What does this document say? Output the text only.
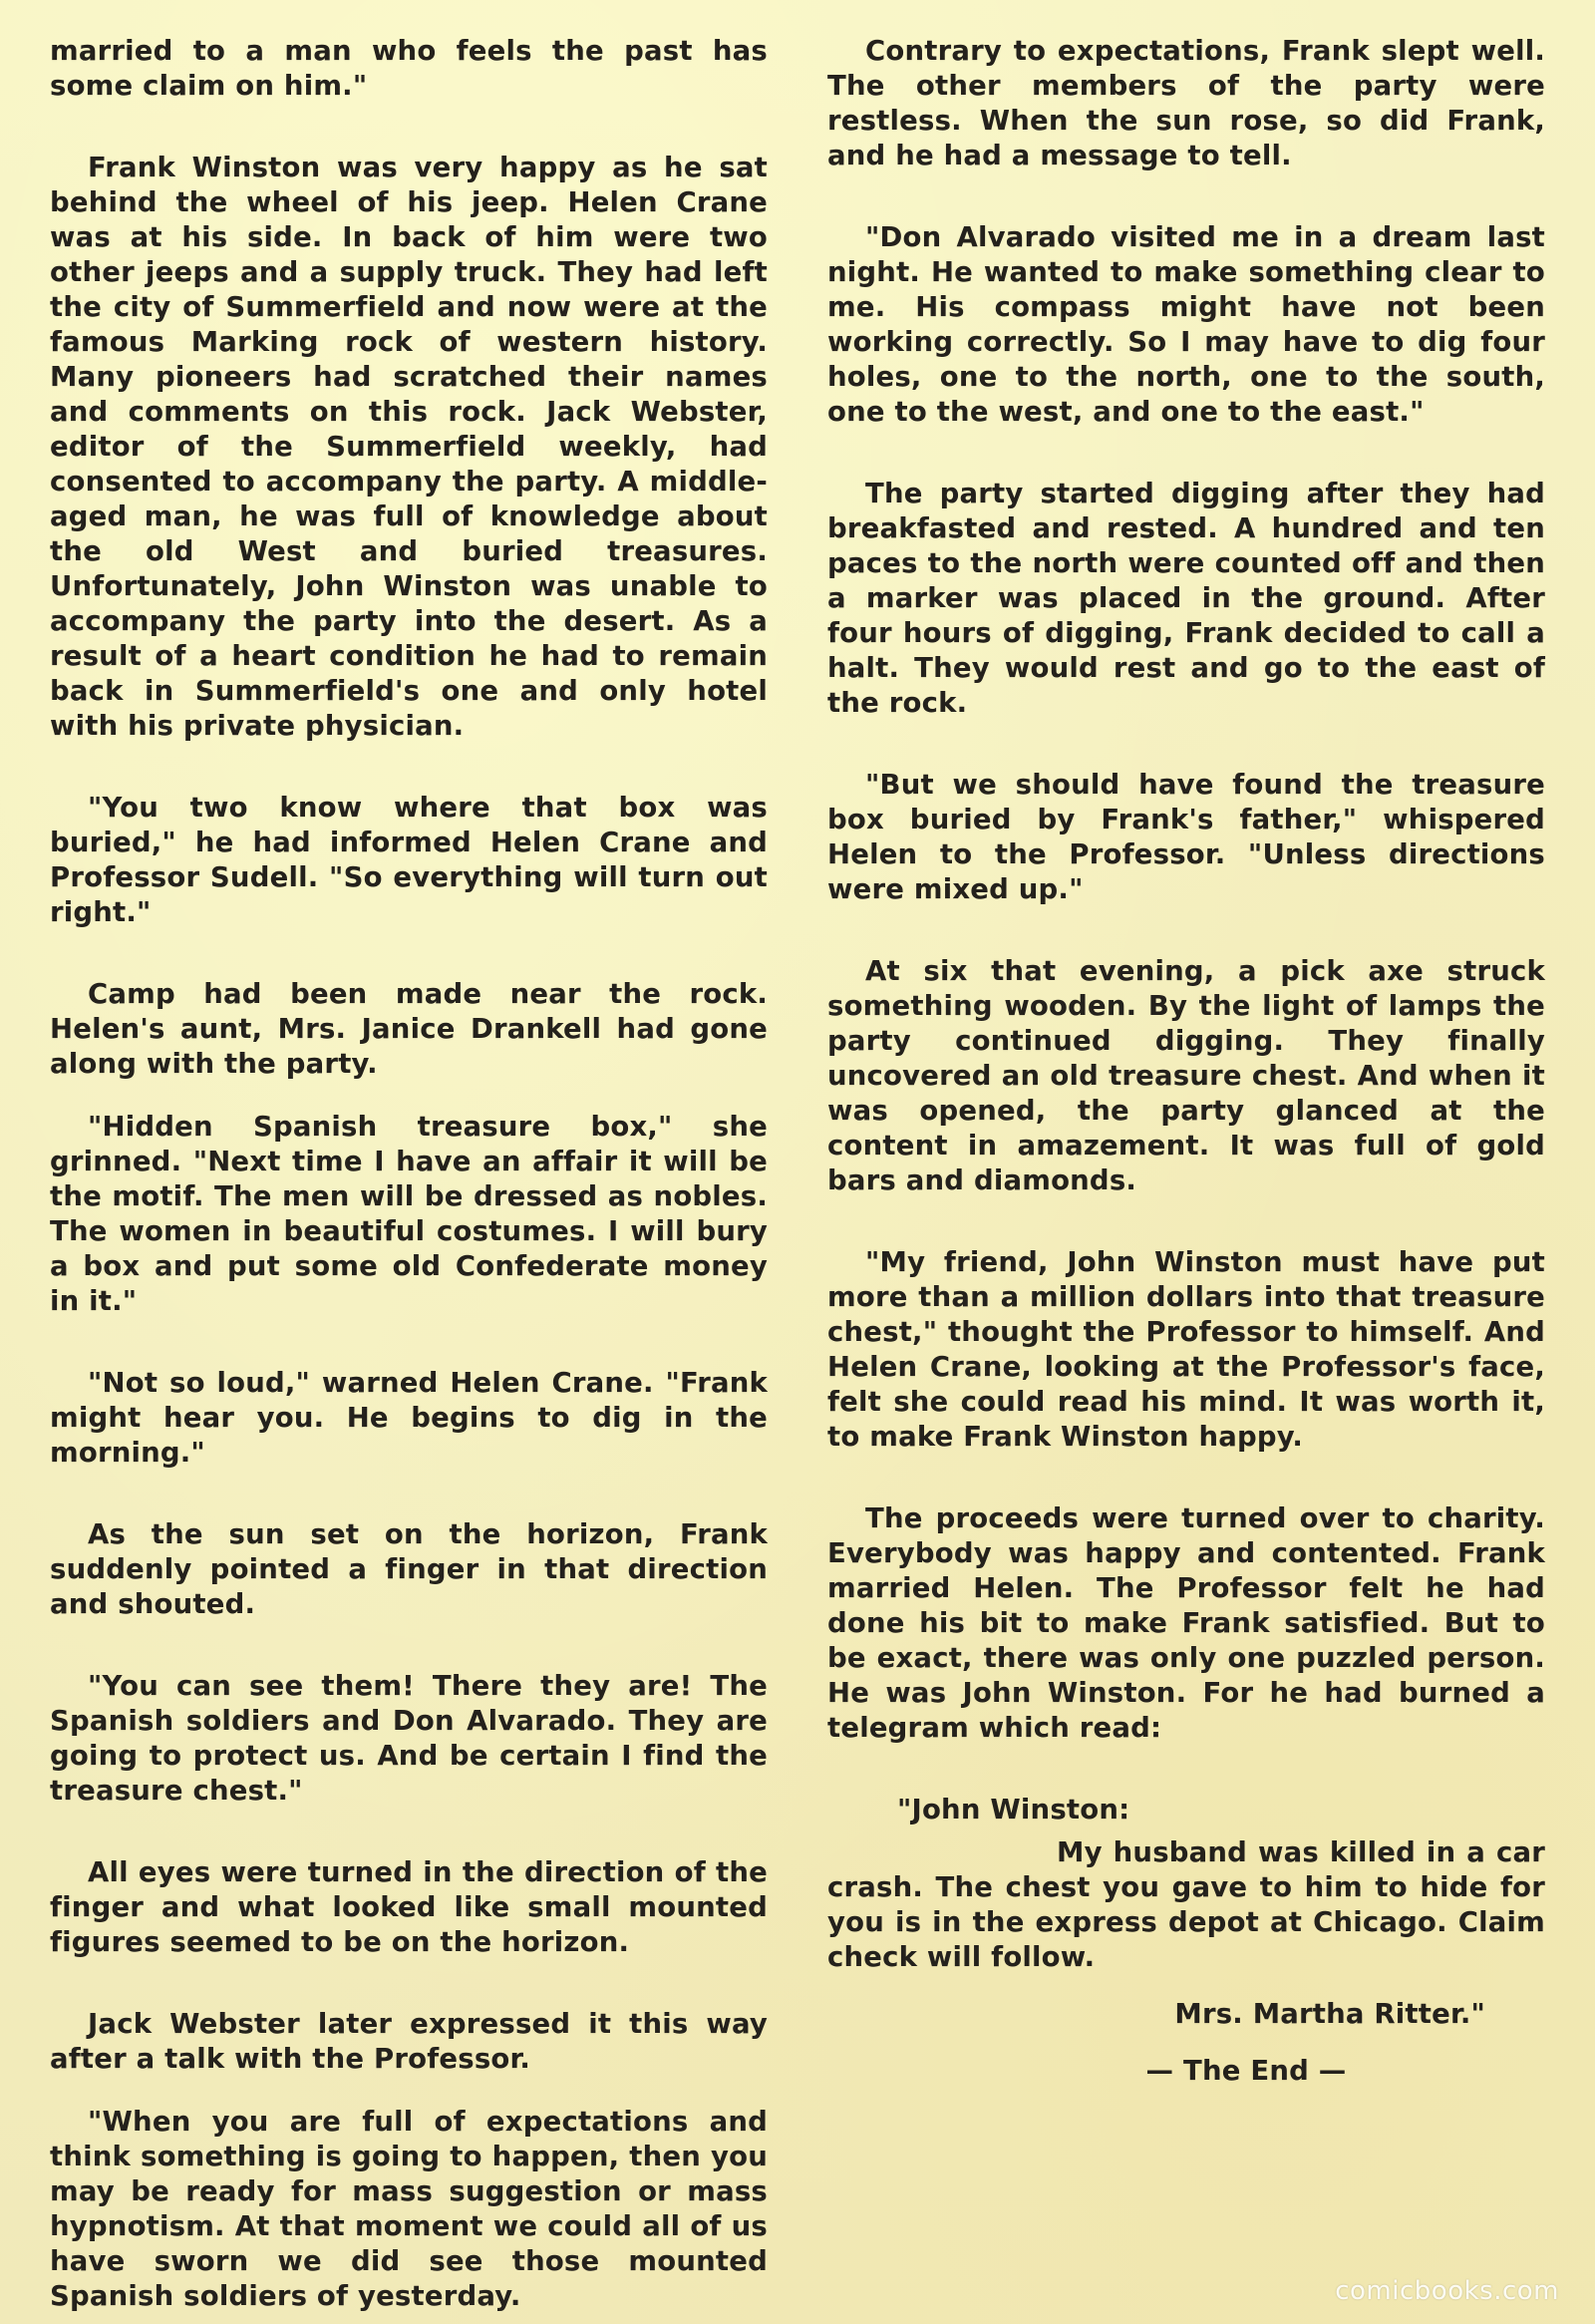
married to a man who feels the past has some claim on him."

Frank Winston was very happy as he sat behind the wheel of his jeep. Helen Crane was at his side. In back of him were two other jeeps and a supply truck. They had left the city of Summerfield and now were at the famous Marking rock of western history. Many pioneers had scratched their names and comments on this rock. Jack Webster, editor of the Summerfield weekly, had consented to accompany the party. A middle-aged man, he was full of knowledge about the old West and buried treasures. Unfortunately, John Winston was unable to accompany the party into the desert. As a result of a heart condition he had to remain back in Summerfield's one and only hotel with his private physician.

"You two know where that box was buried," he had informed Helen Crane and Professor Sudell. "So everything will turn out right."

Camp had been made near the rock. Helen's aunt, Mrs. Janice Drankell had gone along with the party.

"Hidden Spanish treasure box," she grinned. "Next time I have an affair it will be the motif. The men will be dressed as nobles. The women in beautiful costumes. I will bury a box and put some old Confederate money in it."

"Not so loud," warned Helen Crane. "Frank might hear you. He begins to dig in the morning."

As the sun set on the horizon, Frank suddenly pointed a finger in that direction and shouted.

"You can see them! There they are! The Spanish soldiers and Don Alvarado. They are going to protect us. And be certain I find the treasure chest."

All eyes were turned in the direction of the finger and what looked like small mounted figures seemed to be on the horizon.

Jack Webster later expressed it this way after a talk with the Professor.

"When you are full of expectations and think something is going to happen, then you may be ready for mass suggestion or mass hypnotism. At that moment we could all of us have sworn we did see those mounted Spanish soldiers of yesterday.

Contrary to expectations, Frank slept well. The other members of the party were restless. When the sun rose, so did Frank, and he had a message to tell.

"Don Alvarado visited me in a dream last night. He wanted to make something clear to me. His compass might have not been working correctly. So I may have to dig four holes, one to the north, one to the south, one to the west, and one to the east."

The party started digging after they had breakfasted and rested. A hundred and ten paces to the north were counted off and then a marker was placed in the ground. After four hours of digging, Frank decided to call a halt. They would rest and go to the east of the rock.

"But we should have found the treasure box buried by Frank's father," whispered Helen to the Professor. "Unless directions were mixed up."

At six that evening, a pick axe struck something wooden. By the light of lamps the party continued digging. They finally uncovered an old treasure chest. And when it was opened, the party glanced at the content in amazement. It was full of gold bars and diamonds.

"My friend, John Winston must have put more than a million dollars into that treasure chest," thought the Professor to himself. And Helen Crane, looking at the Professor's face, felt she could read his mind. It was worth it, to make Frank Winston happy.

The proceeds were turned over to charity. Everybody was happy and contented. Frank married Helen. The Professor felt he had done his bit to make Frank satisfied. But to be exact, there was only one puzzled person. He was John Winston. For he had burned a telegram which read:

"John Winston:

My husband was killed in a car crash. The chest you gave to him to hide for you is in the express depot at Chicago. Claim check will follow.

Mrs. Martha Ritter."

— The End —

comicbooks.com
